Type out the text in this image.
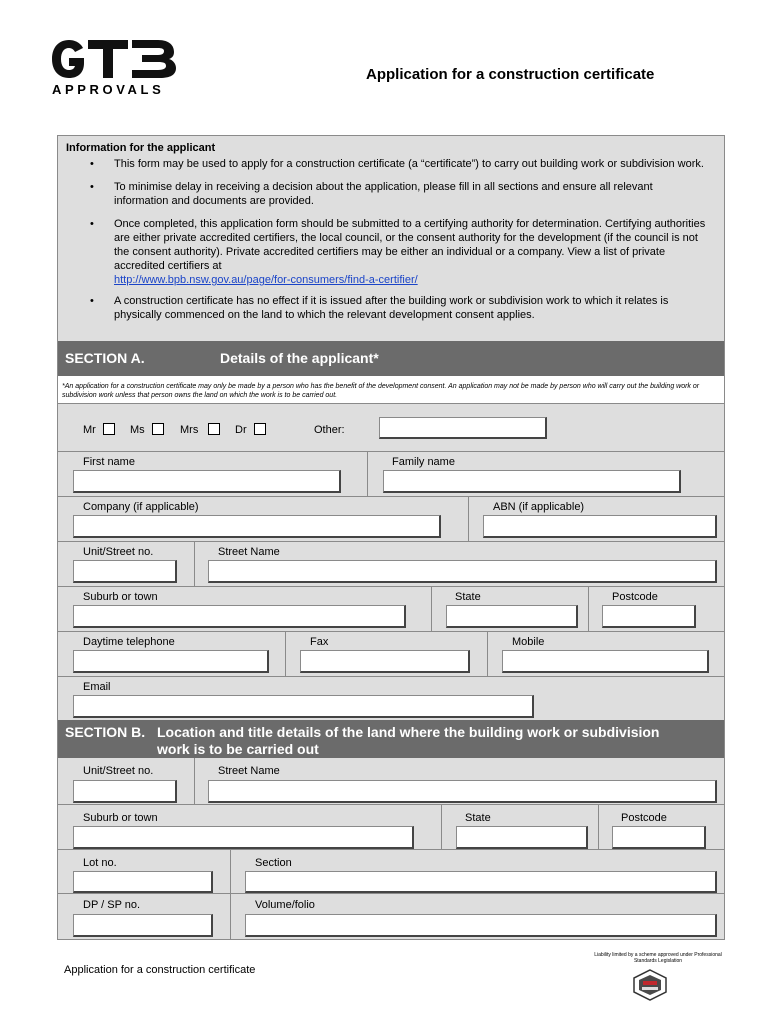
APPROVALS
Application for a construction certificate
Information for the applicant
• This form may be used to apply for a construction certificate (a “certificate”) to carry out building work or subdivision work.
• To minimise delay in receiving a decision about the application, please fill in all sections and ensure all relevant information and documents are provided.
• Once completed, this application form should be submitted to a certifying authority for determination. Certifying authorities are either private accredited certifiers, the local council, or the consent authority for the development (if the council is not the consent authority). Private accredited certifiers may be either an individual or a company. View a list of private accredited certifiers at
http://www.bpb.nsw.gov.au/page/for-consumers/find-a-certifier/
• A construction certificate has no effect if it is issued after the building work or subdivision work to which it relates is physically commenced on the land to which the relevant development consent applies.
SECTION A.	Details of the applicant*
*An application for a construction certificate may only be made by a person who has the benefit of the development consent. An application may not be made by person who will carry out the building work or subdivision work unless that person owns the land on which the work is to be carried out.
Mr	Ms	Mrs	Dr	Other:
First name	Family name
Company (if applicable)	ABN (if applicable)
Unit/Street no.	Street Name
Suburb or town	State	Postcode
Daytime telephone	Fax	Mobile
Email
SECTION B. Location and title details of the land where the building work or subdivision
work is to be carried out
Unit/Street no.	Street Name
Suburb or town	State	Postcode
Lot no.	Section
DP / SP no.	Volume/folio
Application for a construction certificate
Liability limited by a scheme approved under Professional Standards Legislation
